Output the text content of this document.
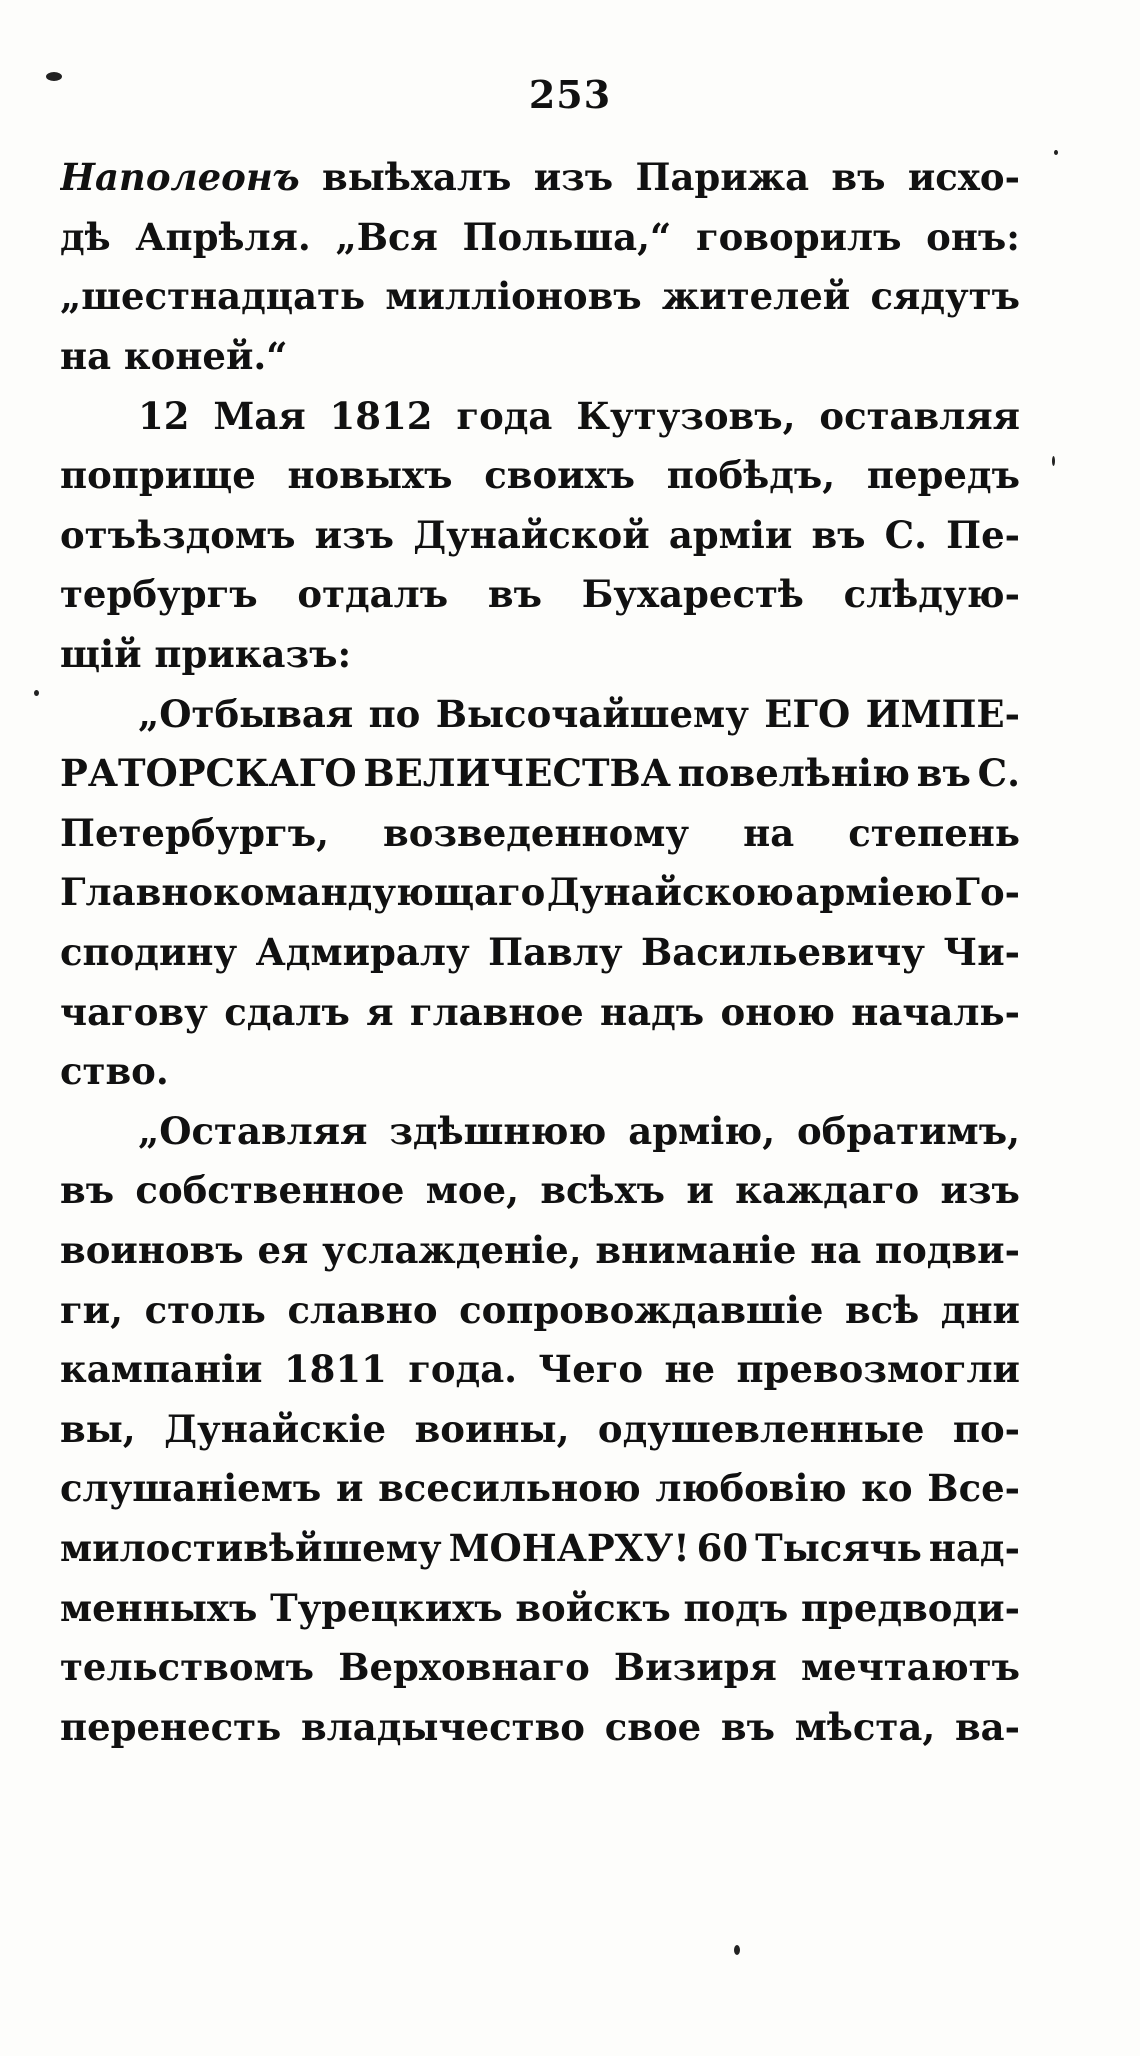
253
Наполеонъ выѣхалъ изъ Парижа въ исхо-
дѣ Апрѣля. „Вся Польша,“ говорилъ онъ:
„шестнадцать милліоновъ жителей сядутъ
на коней.“
12 Мая 1812 года Кутузовъ, оставляя
поприще новыхъ своихъ побѣдъ, передъ
отъѣздомъ изъ Дунайской арміи въ С. Пе-
тербургъ отдалъ въ Бухарестѣ слѣдую-
щій приказъ:
„Отбывая по Высочайшему ЕГО ИМПЕ-
РАТОРСКАГО ВЕЛИЧЕСТВА повелѣнію въ С.
Петербургъ, возведенному на степень
Главнокомандующаго Дунайскою арміею Го-
сподину Адмиралу Павлу Васильевичу Чи-
чагову сдалъ я главное надъ оною началь-
ство.
„Оставляя здѣшнюю армію, обратимъ,
въ собственное мое, всѣхъ и каждаго изъ
воиновъ ея услажденіе, вниманіе на подви-
ги, столь славно сопровождавшіе всѣ дни
кампаніи 1811 года. Чего не превозмогли
вы, Дунайскіе воины, одушевленные по-
слушаніемъ и всесильною любовію ко Все-
милостивѣйшему МОНАРХУ! 60 Тысячь над-
менныхъ Турецкихъ войскъ подъ предводи-
тельствомъ Верховнаго Визиря мечтаютъ
перенесть владычество свое въ мѣста, ва-
